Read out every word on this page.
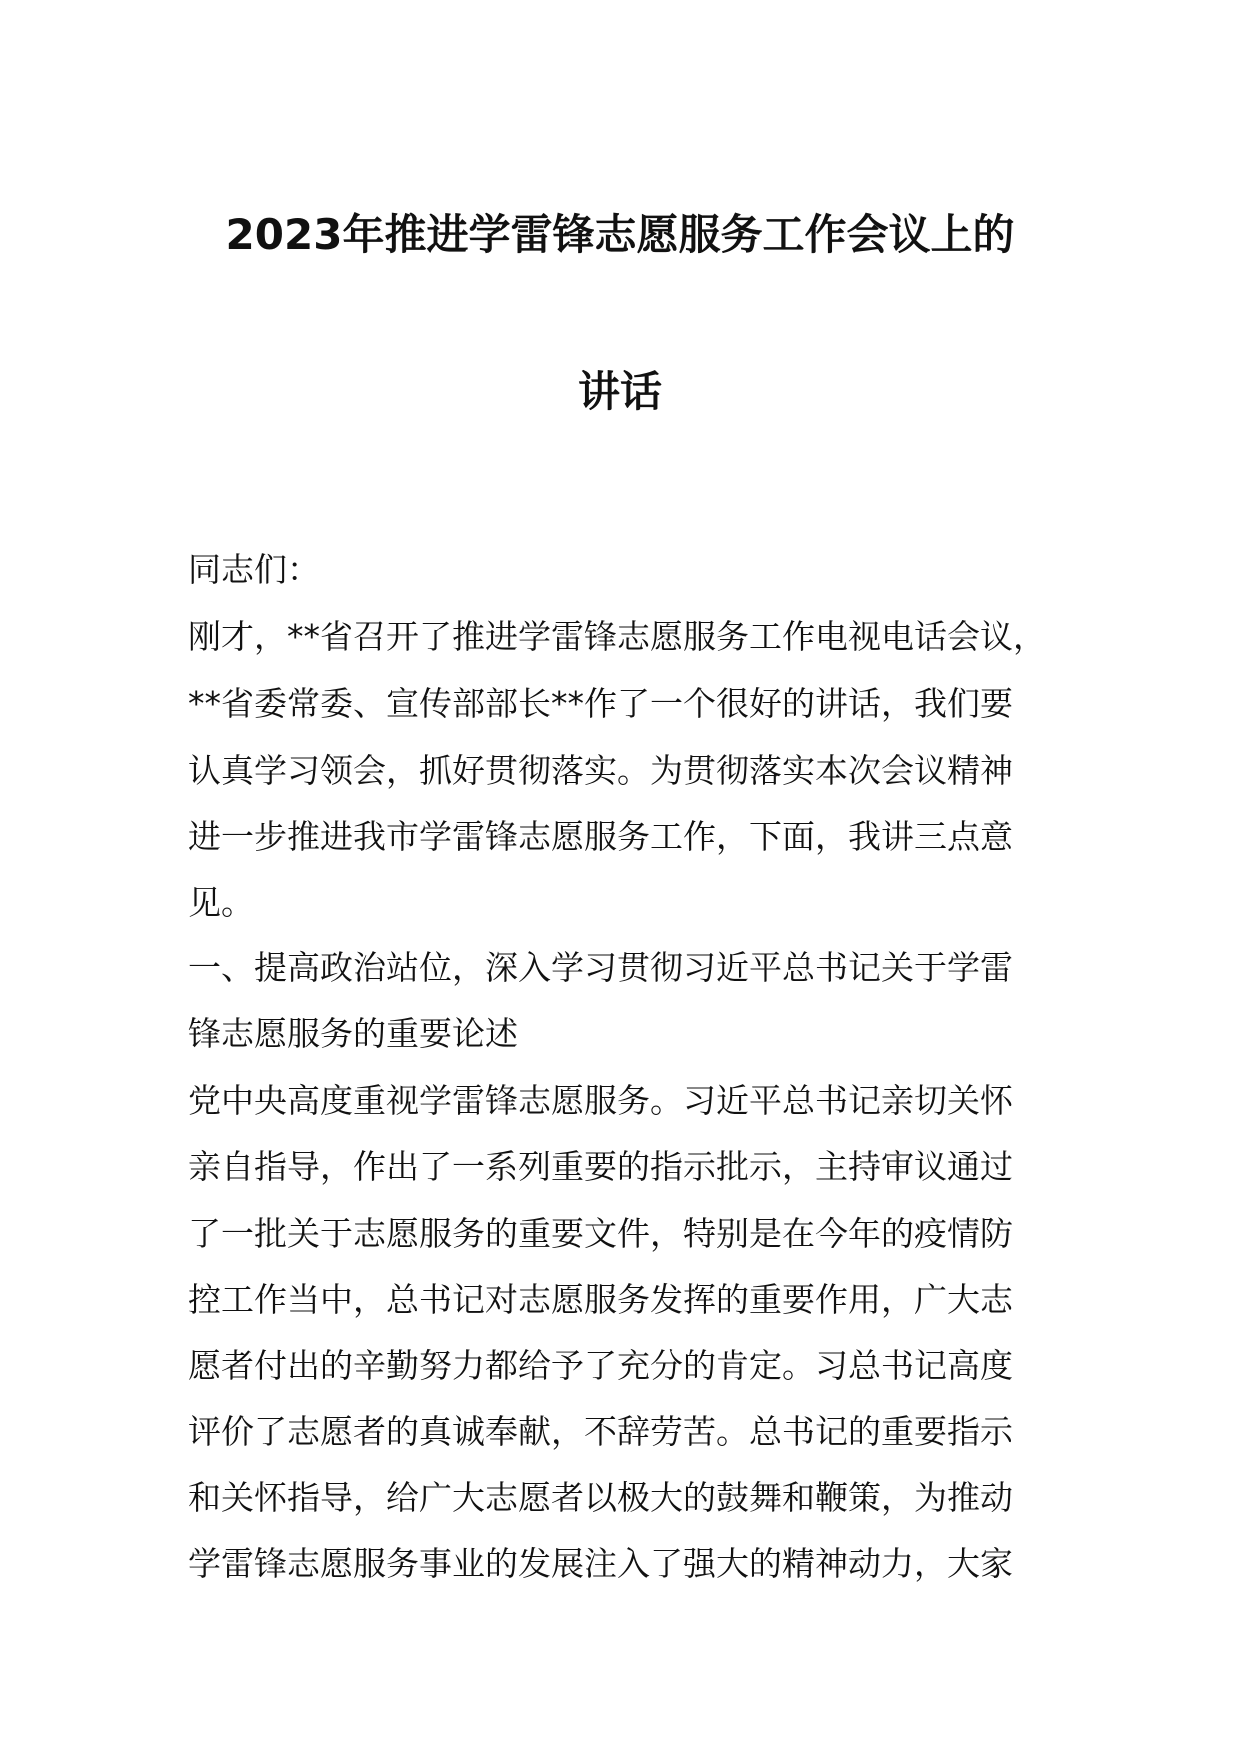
2023年推进学雷锋志愿服务工作会议上的
讲话
同志们：
刚才，**省召开了推进学雷锋志愿服务工作电视电话会议，
**省委常委、宣传部部长**作了一个很好的讲话，我们要
认真学习领会，抓好贯彻落实。为贯彻落实本次会议精神
进一步推进我市学雷锋志愿服务工作，下面，我讲三点意
见。
一、提高政治站位，深入学习贯彻习近平总书记关于学雷
锋志愿服务的重要论述
党中央高度重视学雷锋志愿服务。习近平总书记亲切关怀
亲自指导，作出了一系列重要的指示批示，主持审议通过
了一批关于志愿服务的重要文件，特别是在今年的疫情防
控工作当中，总书记对志愿服务发挥的重要作用，广大志
愿者付出的辛勤努力都给予了充分的肯定。习总书记高度
评价了志愿者的真诚奉献，不辞劳苦。总书记的重要指示
和关怀指导，给广大志愿者以极大的鼓舞和鞭策，为推动
学雷锋志愿服务事业的发展注入了强大的精神动力，大家
